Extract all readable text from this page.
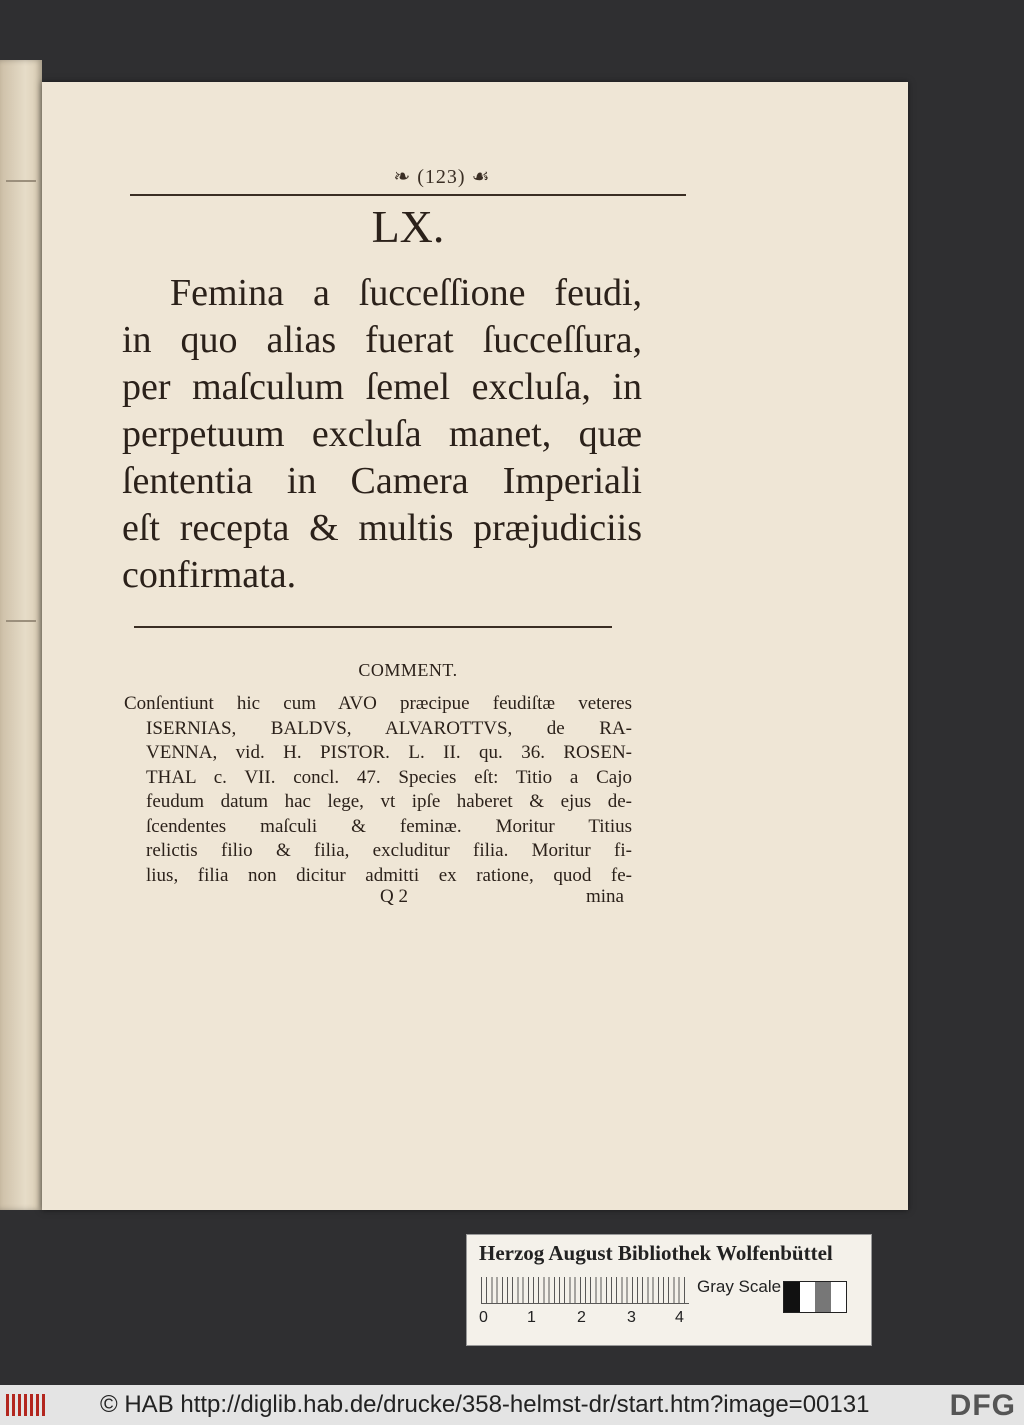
❧ (123) ☙
LX.
Femina a ſucceſſione feudi,
in quo alias fuerat ſucceſſura,
per maſculum ſemel excluſa, in
perpetuum excluſa manet, quæ
ſententia in Camera Imperiali
eſt recepta & multis præjudiciis
confirmata.
COMMENT.
Conſentiunt hic cum AVO præcipue feudiſtæ veteres
ISERNIAS, BALDVS, ALVAROTTVS, de RA-
VENNA, vid. H. PISTOR. L. II. qu. 36. ROSEN-
THAL c. VII. concl. 47. Species eſt: Titio a Cajo
feudum datum hac lege, vt ipſe haberet & ejus de-
ſcendentes maſculi & feminæ. Moritur Titius
relictis filio & filia, excluditur filia. Moritur fi-
lius, filia non dicitur admitti ex ratione, quod fe-
Q 2	mina
Herzog August Bibliothek Wolfenbüttel
0 1	2	3 4
Gray Scale
© HAB http://diglib.hab.de/drucke/358-helmst-dr/start.htm?image=00131	DFG
